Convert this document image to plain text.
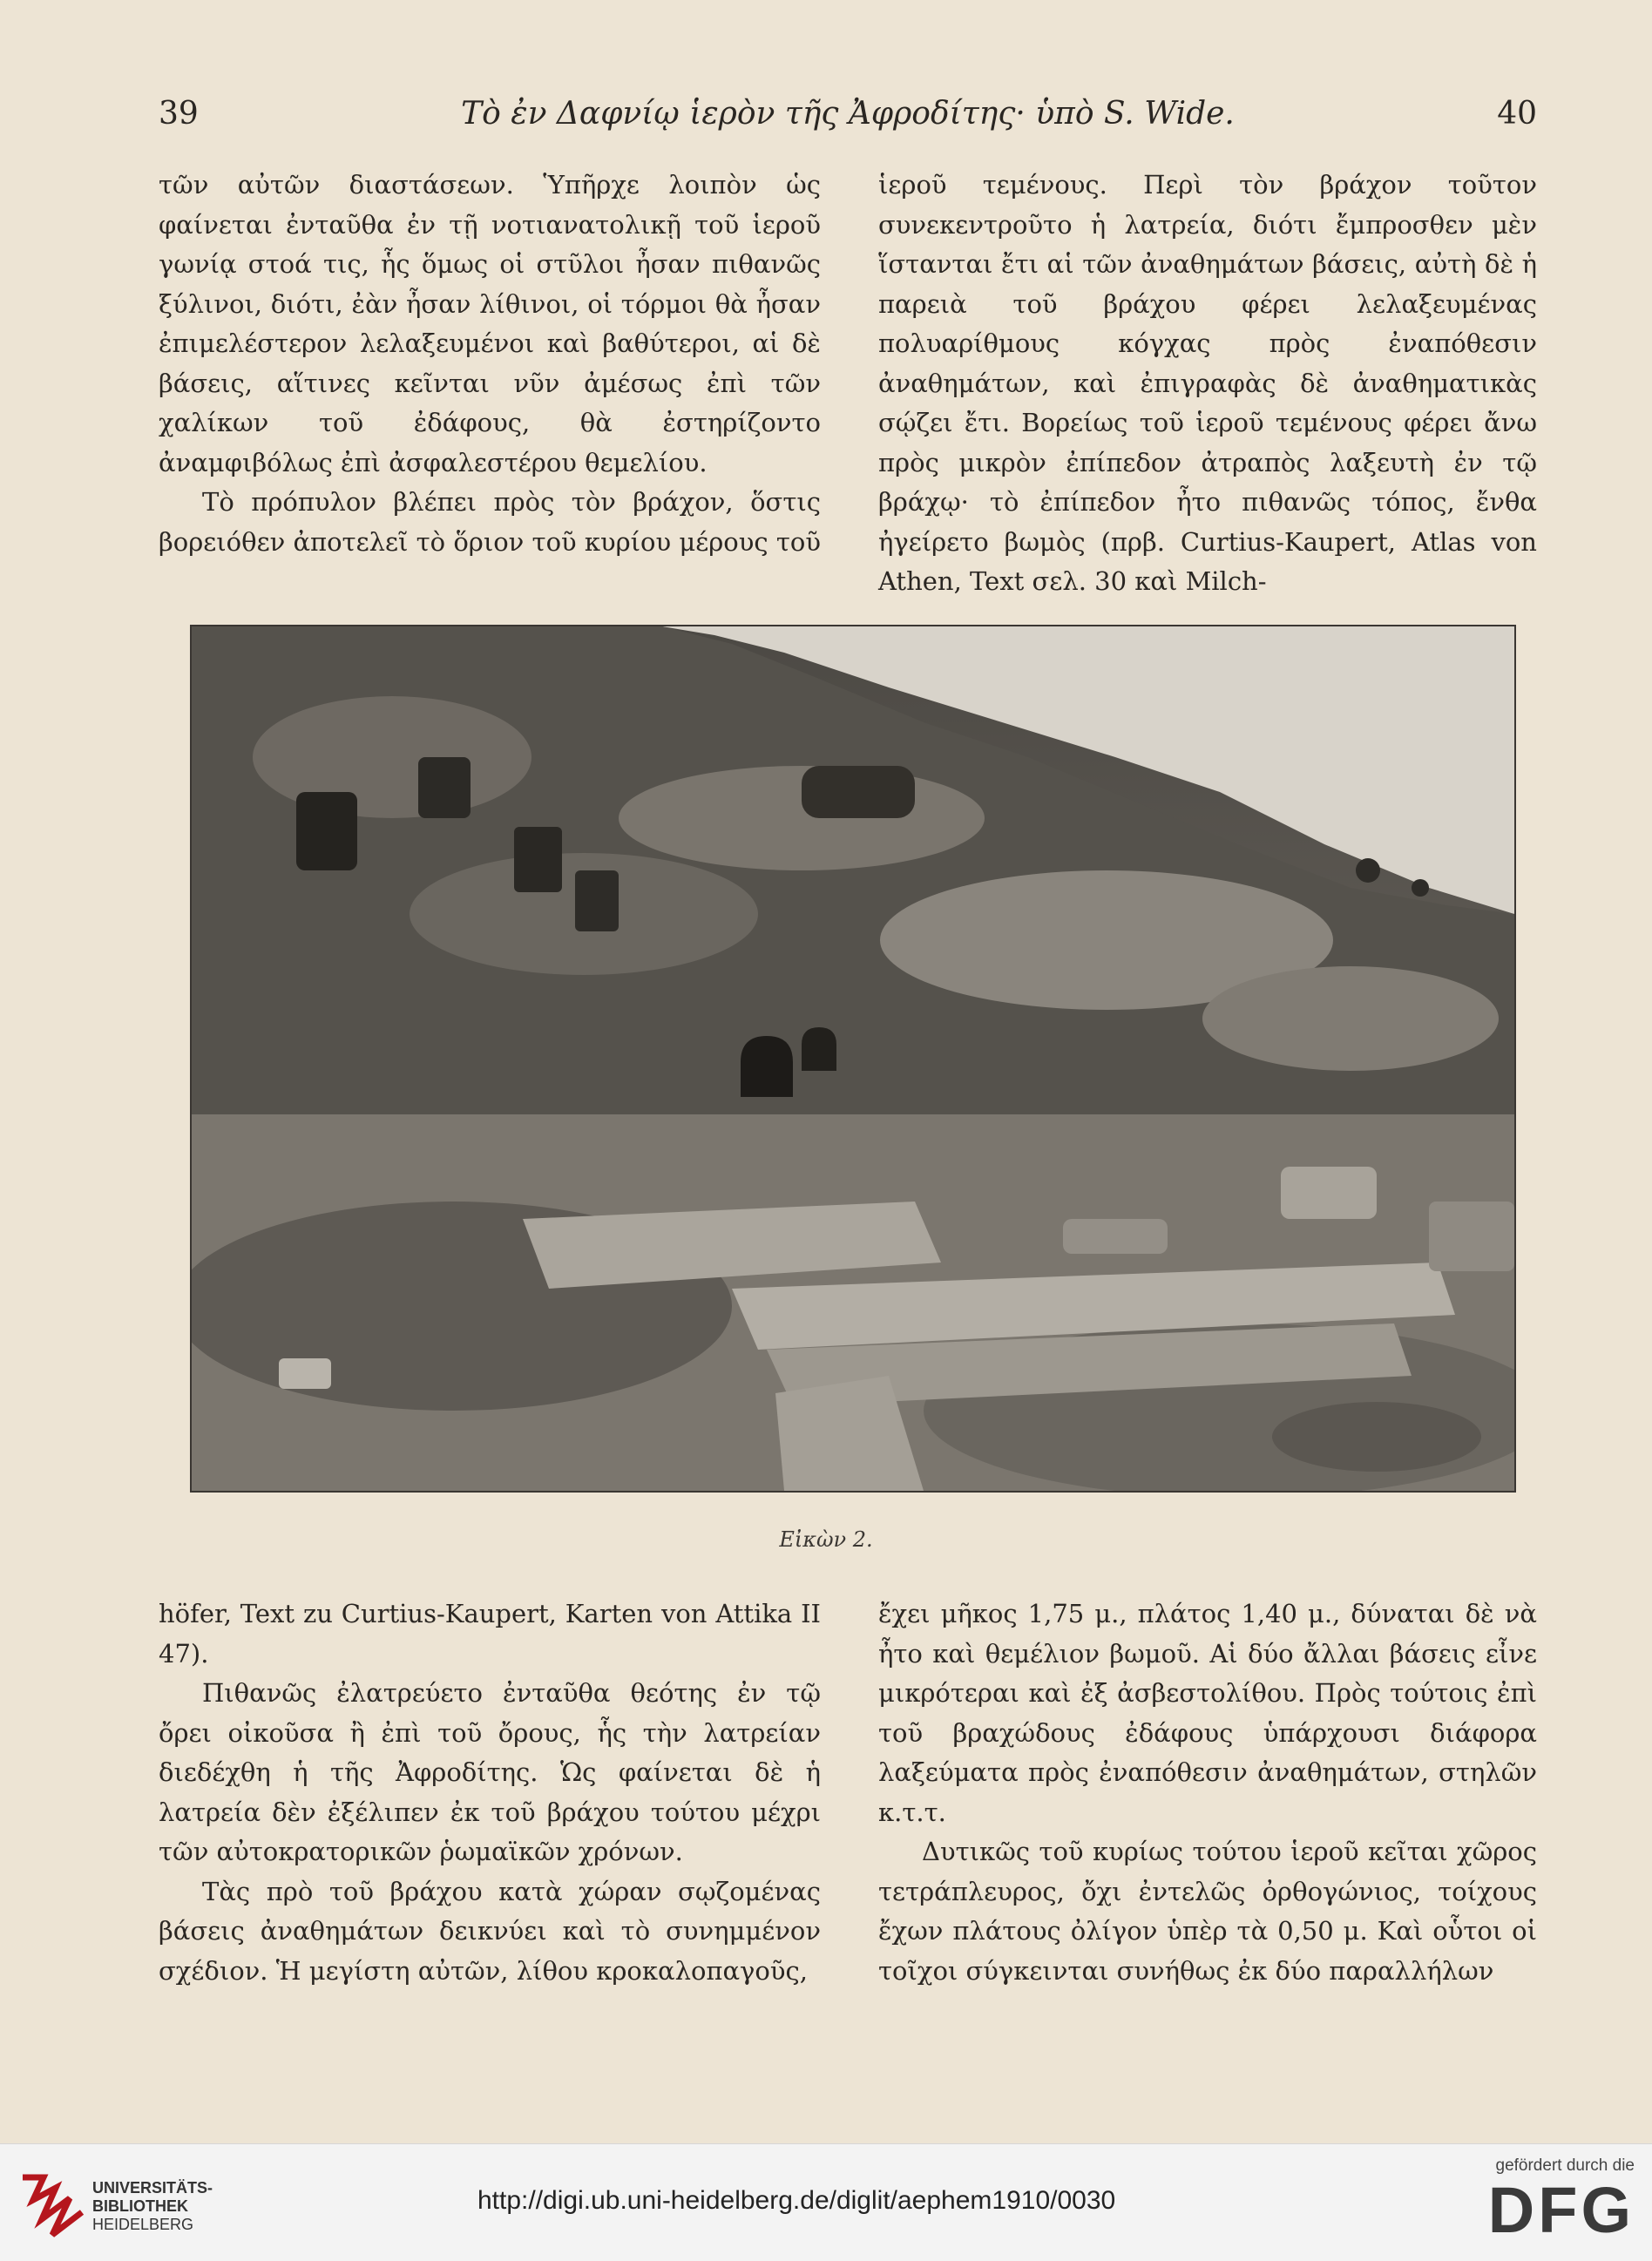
39	Τὸ ἐν Δαφνίῳ ἱερὸν τῆς Ἀφροδίτης· ὑπὸ S. Wide.	40

τῶν αὐτῶν διαστάσεων. Ὑπῆρχε λοιπὸν ὡς φαίνεται ἐνταῦθα ἐν τῇ νοτιανατολικῇ τοῦ ἱεροῦ γωνίᾳ στοά τις, ἧς ὅμως οἱ στῦλοι ἦσαν πιθανῶς ξύλινοι, διότι, ἐὰν ἦσαν λίθινοι, οἱ τόρμοι θὰ ἦσαν ἐπιμελέστερον λελαξευμένοι καὶ βαθύτεροι, αἱ δὲ βάσεις, αἵτινες κεῖνται νῦν ἀμέσως ἐπὶ τῶν χαλίκων τοῦ ἐδάφους, θὰ ἐστηρίζοντο ἀναμφιβόλως ἐπὶ ἀσφαλεστέρου θεμελίου.

Τὸ πρόπυλον βλέπει πρὸς τὸν βράχον, ὅστις βορειόθεν ἀποτελεῖ τὸ ὅριον τοῦ κυρίου μέρους τοῦ

ἱεροῦ τεμένους. Περὶ τὸν βράχον τοῦτον συνεκεντροῦτο ἡ λατρεία, διότι ἔμπροσθεν μὲν ἵστανται ἔτι αἱ τῶν ἀναθημάτων βάσεις, αὐτὴ δὲ ἡ παρειὰ τοῦ βράχου φέρει λελαξευμένας πολυαρίθμους κόγχας πρὸς ἐναπόθεσιν ἀναθημάτων, καὶ ἐπιγραφὰς δὲ ἀναθηματικὰς σῴζει ἔτι. Βορείως τοῦ ἱεροῦ τεμένους φέρει ἄνω πρὸς μικρὸν ἐπίπεδον ἀτραπὸς λαξευτὴ ἐν τῷ βράχῳ· τὸ ἐπίπεδον ἦτο πιθανῶς τόπος, ἔνθα ἠγείρετο βωμὸς (πρβ. Curtius-Kaupert, Atlas von Athen, Text σελ. 30 καὶ Milch-

Εἰκὼν 2.

höfer, Text zu Curtius-Kaupert, Karten von Attika II 47).

Πιθανῶς ἐλατρεύετο ἐνταῦθα θεότης ἐν τῷ ὄρει οἰκοῦσα ἢ ἐπὶ τοῦ ὄρους, ἧς τὴν λατρείαν διεδέχθη ἡ τῆς Ἀφροδίτης. Ὡς φαίνεται δὲ ἡ λατρεία δὲν ἐξέλιπεν ἐκ τοῦ βράχου τούτου μέχρι τῶν αὐτοκρατορικῶν ῥωμαϊκῶν χρόνων.

Τὰς πρὸ τοῦ βράχου κατὰ χώραν σῳζομένας βάσεις ἀναθημάτων δεικνύει καὶ τὸ συνημμένον σχέδιον. Ἡ μεγίστη αὐτῶν, λίθου κροκαλοπαγοῦς,

ἔχει μῆκος 1,75 μ., πλάτος 1,40 μ., δύναται δὲ νὰ ἦτο καὶ θεμέλιον βωμοῦ. Αἱ δύο ἄλλαι βάσεις εἶνε μικρότεραι καὶ ἐξ ἀσβεστολίθου. Πρὸς τούτοις ἐπὶ τοῦ βραχώδους ἐδάφους ὑπάρχουσι διάφορα λαξεύματα πρὸς ἐναπόθεσιν ἀναθημάτων, στηλῶν κ.τ.τ.

Δυτικῶς τοῦ κυρίως τούτου ἱεροῦ κεῖται χῶρος τετράπλευρος, ὄχι ἐντελῶς ὀρθογώνιος, τοίχους ἔχων πλάτους ὀλίγον ὑπὲρ τὰ 0,50 μ. Καὶ οὗτοι οἱ τοῖχοι σύγκεινται συνήθως ἐκ δύο παραλλήλων

UNIVERSITÄTS-
BIBLIOTHEK
HEIDELBERG
http://digi.ub.uni-heidelberg.de/diglit/aephem1910/0030
gefördert durch die
DFG
